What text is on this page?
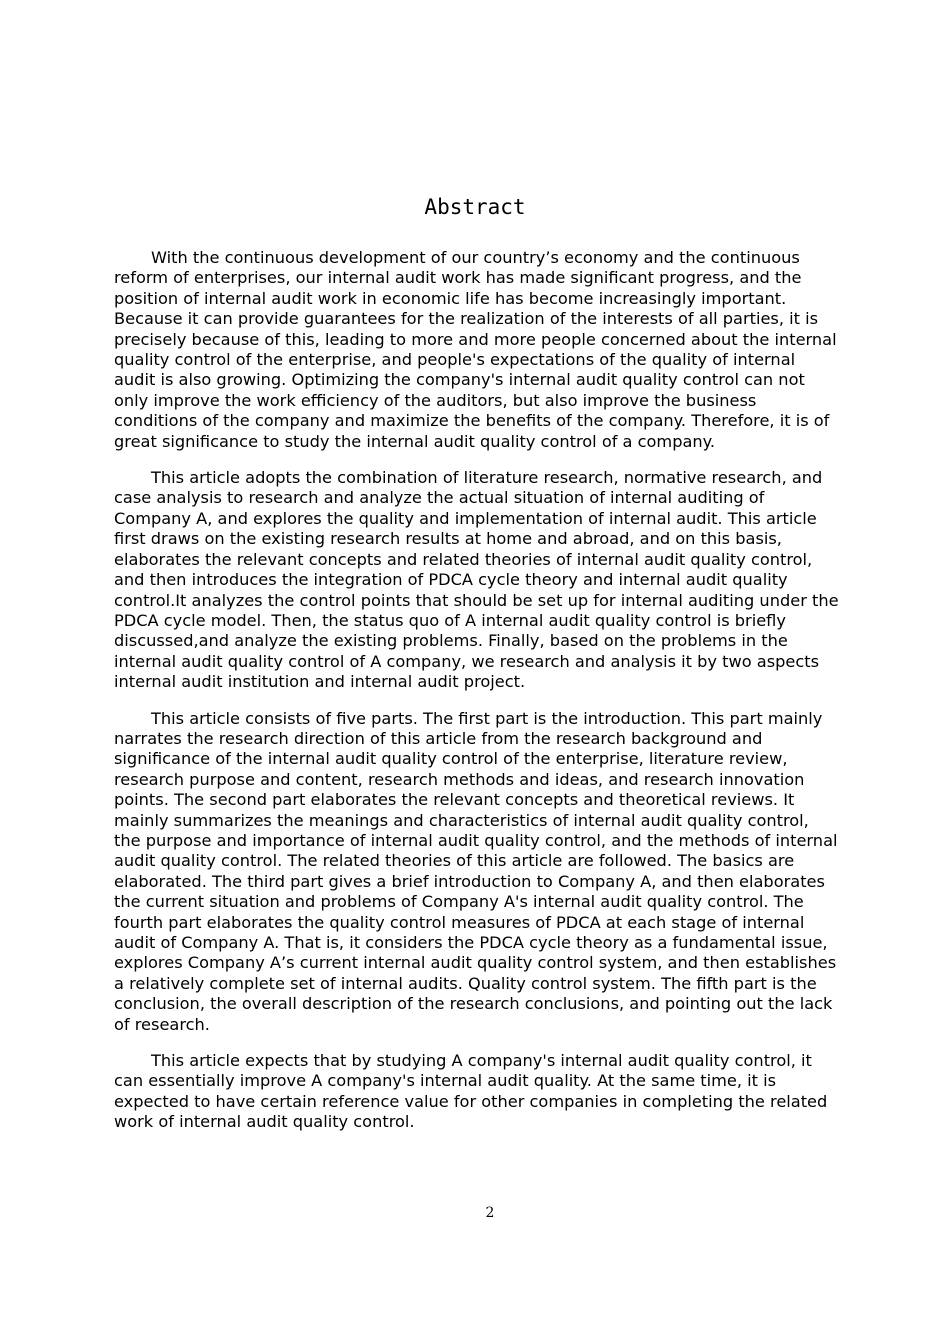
Abstract

With the continuous development of our country’s economy and the continuous reform of enterprises, our internal audit work has made significant progress, and the position of internal audit work in economic life has become increasingly important. Because it can provide guarantees for the realization of the interests of all parties, it is precisely because of this, leading to more and more people concerned about the internal quality control of the enterprise, and people's expectations of the quality of internal audit is also growing. Optimizing the company's internal audit quality control can not only improve the work efficiency of the auditors, but also improve the business conditions of the company and maximize the benefits of the company. Therefore, it is of great significance to study the internal audit quality control of a company.

This article adopts the combination of literature research, normative research, and case analysis to research and analyze the actual situation of internal auditing of Company A, and explores the quality and implementation of internal audit. This article first draws on the existing research results at home and abroad, and on this basis, elaborates the relevant concepts and related theories of internal audit quality control, and then introduces the integration of PDCA cycle theory and internal audit quality control.It analyzes the control points that should be set up for internal auditing under the PDCA cycle model. Then, the status quo of A internal audit quality control is briefly discussed,and analyze the existing problems. Finally, based on the problems in the internal audit quality control of A company, we research and analysis it by two aspects internal audit institution and internal audit project.

This article consists of five parts. The first part is the introduction. This part mainly narrates the research direction of this article from the research background and significance of the internal audit quality control of the enterprise, literature review, research purpose and content, research methods and ideas, and research innovation points. The second part elaborates the relevant concepts and theoretical reviews. It mainly summarizes the meanings and characteristics of internal audit quality control, the purpose and importance of internal audit quality control, and the methods of internal audit quality control. The related theories of this article are followed. The basics are elaborated. The third part gives a brief introduction to Company A, and then elaborates the current situation and problems of Company A's internal audit quality control. The fourth part elaborates the quality control measures of PDCA at each stage of internal audit of Company A. That is, it considers the PDCA cycle theory as a fundamental issue, explores Company A’s current internal audit quality control system, and then establishes a relatively complete set of internal audits. Quality control system. The fifth part is the conclusion, the overall description of the research conclusions, and pointing out the lack of research.

This article expects that by studying A company's internal audit quality control, it can essentially improve A company's internal audit quality. At the same time, it is expected to have certain reference value for other companies in completing the related work of internal audit quality control.

2
